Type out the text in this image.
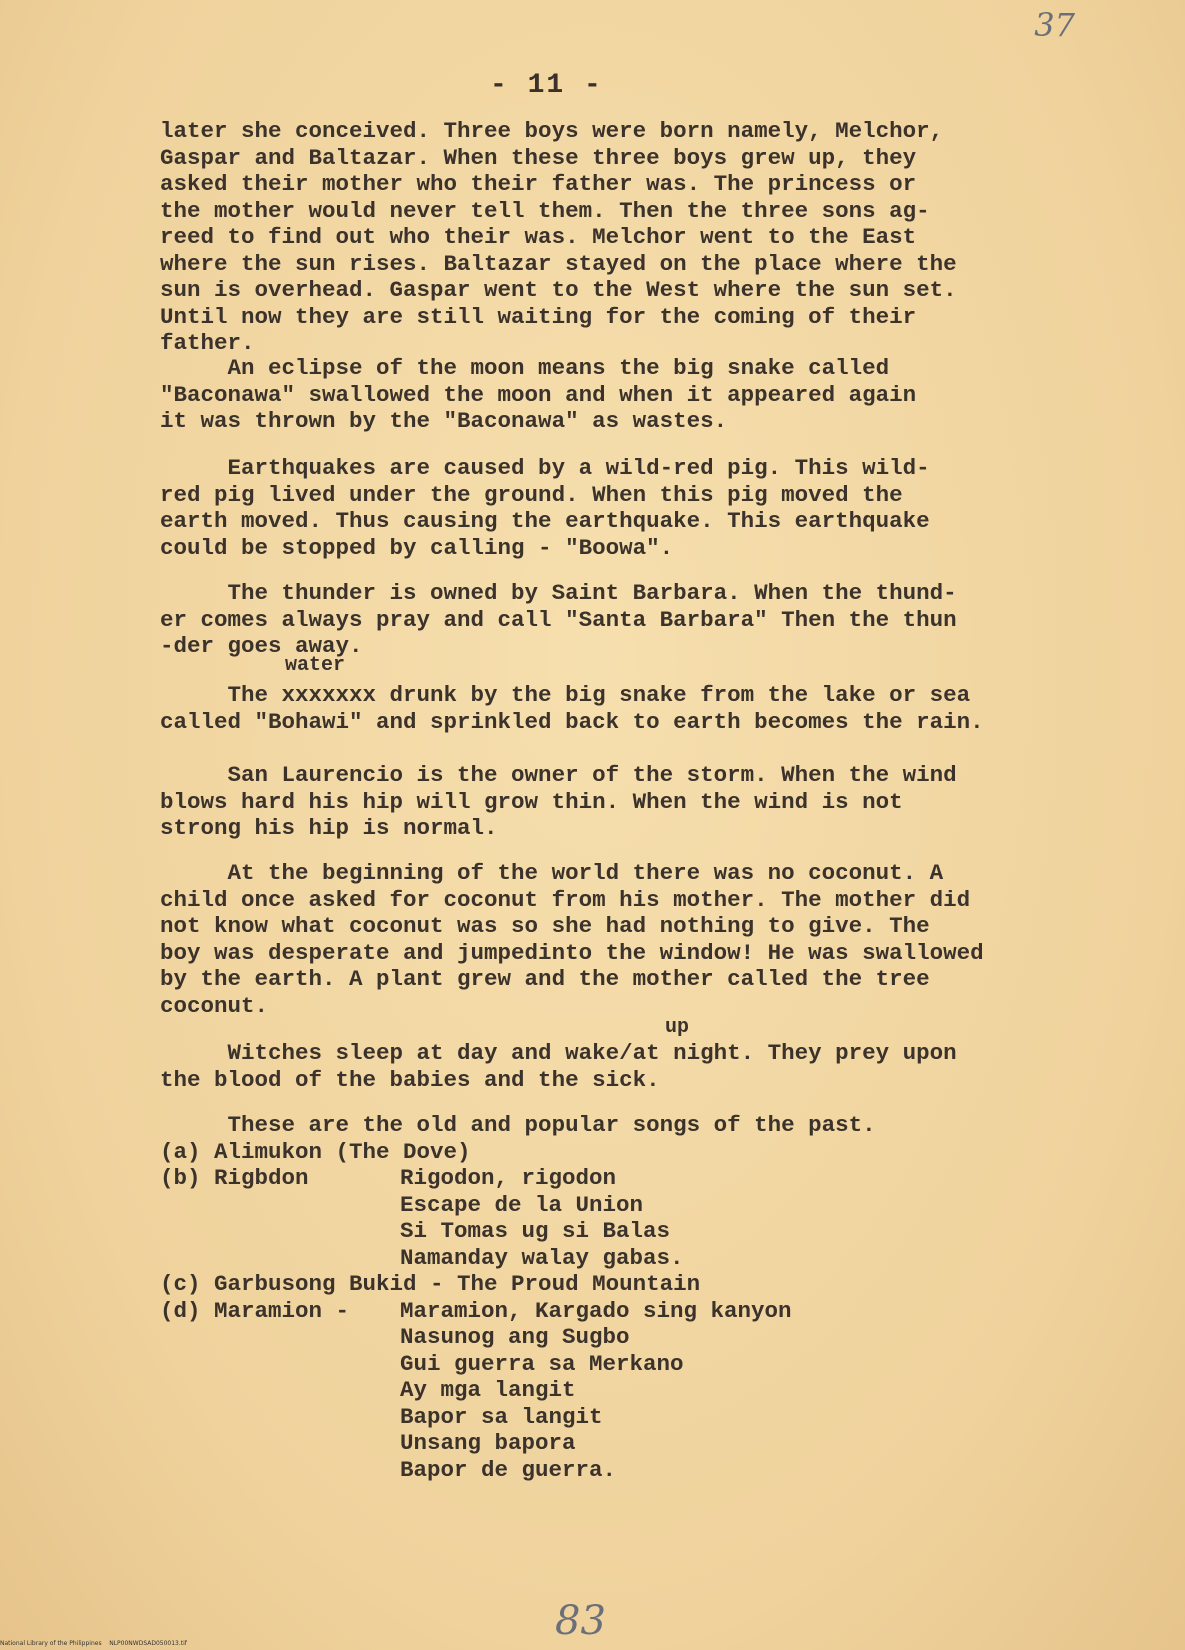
37
- 11 -
later she conceived. Three boys were born namely, Melchor,
Gaspar and Baltazar. When these three boys grew up, they
asked their mother who their father was. The princess or
the mother would never tell them. Then the three sons ag-
reed to find out who their was. Melchor went to the East
where the sun rises. Baltazar stayed on the place where the
sun is overhead. Gaspar went to the West where the sun set.
Until now they are still waiting for the coming of their
father.
An eclipse of the moon means the big snake called
"Baconawa" swallowed the moon and when it appeared again
it was thrown by the "Baconawa" as wastes.
Earthquakes are caused by a wild-red pig. This wild-
red pig lived under the ground. When this pig moved the
earth moved. Thus causing the earthquake. This earthquake
could be stopped by calling - "Boowa".
The thunder is owned by Saint Barbara. When the thund-
er comes always pray and call "Santa Barbara" Then the thun
-der goes away.
water
The xxxxxxx drunk by the big snake from the lake or sea
called "Bohawi" and sprinkled back to earth becomes the rain.
San Laurencio is the owner of the storm. When the wind
blows hard his hip will grow thin. When the wind is not
strong his hip is normal.
At the beginning of the world there was no coconut. A
child once asked for coconut from his mother. The mother did
not know what coconut was so she had nothing to give. The
boy was desperate and jumpedinto the window! He was swallowed
by the earth. A plant grew and the mother called the tree
coconut.
up
Witches sleep at day and wake/at night. They prey upon
the blood of the babies and the sick.
These are the old and popular songs of the past.
(a) Alimukon (The Dove)
(b) Rigbdon	Rigodon, rigodon
Escape de la Union
Si Tomas ug si Balas
Namanday walay gabas.
(c) Garbusong Bukid - The Proud Mountain
(d) Maramion -	Maramion, Kargado sing kanyon
Nasunog ang Sugbo
Gui guerra sa Merkano
Ay mga langit
Bapor sa langit
Unsang bapora
Bapor de guerra.
83
National Library of the Philippines    NLP00NWDSAD050013.tif
